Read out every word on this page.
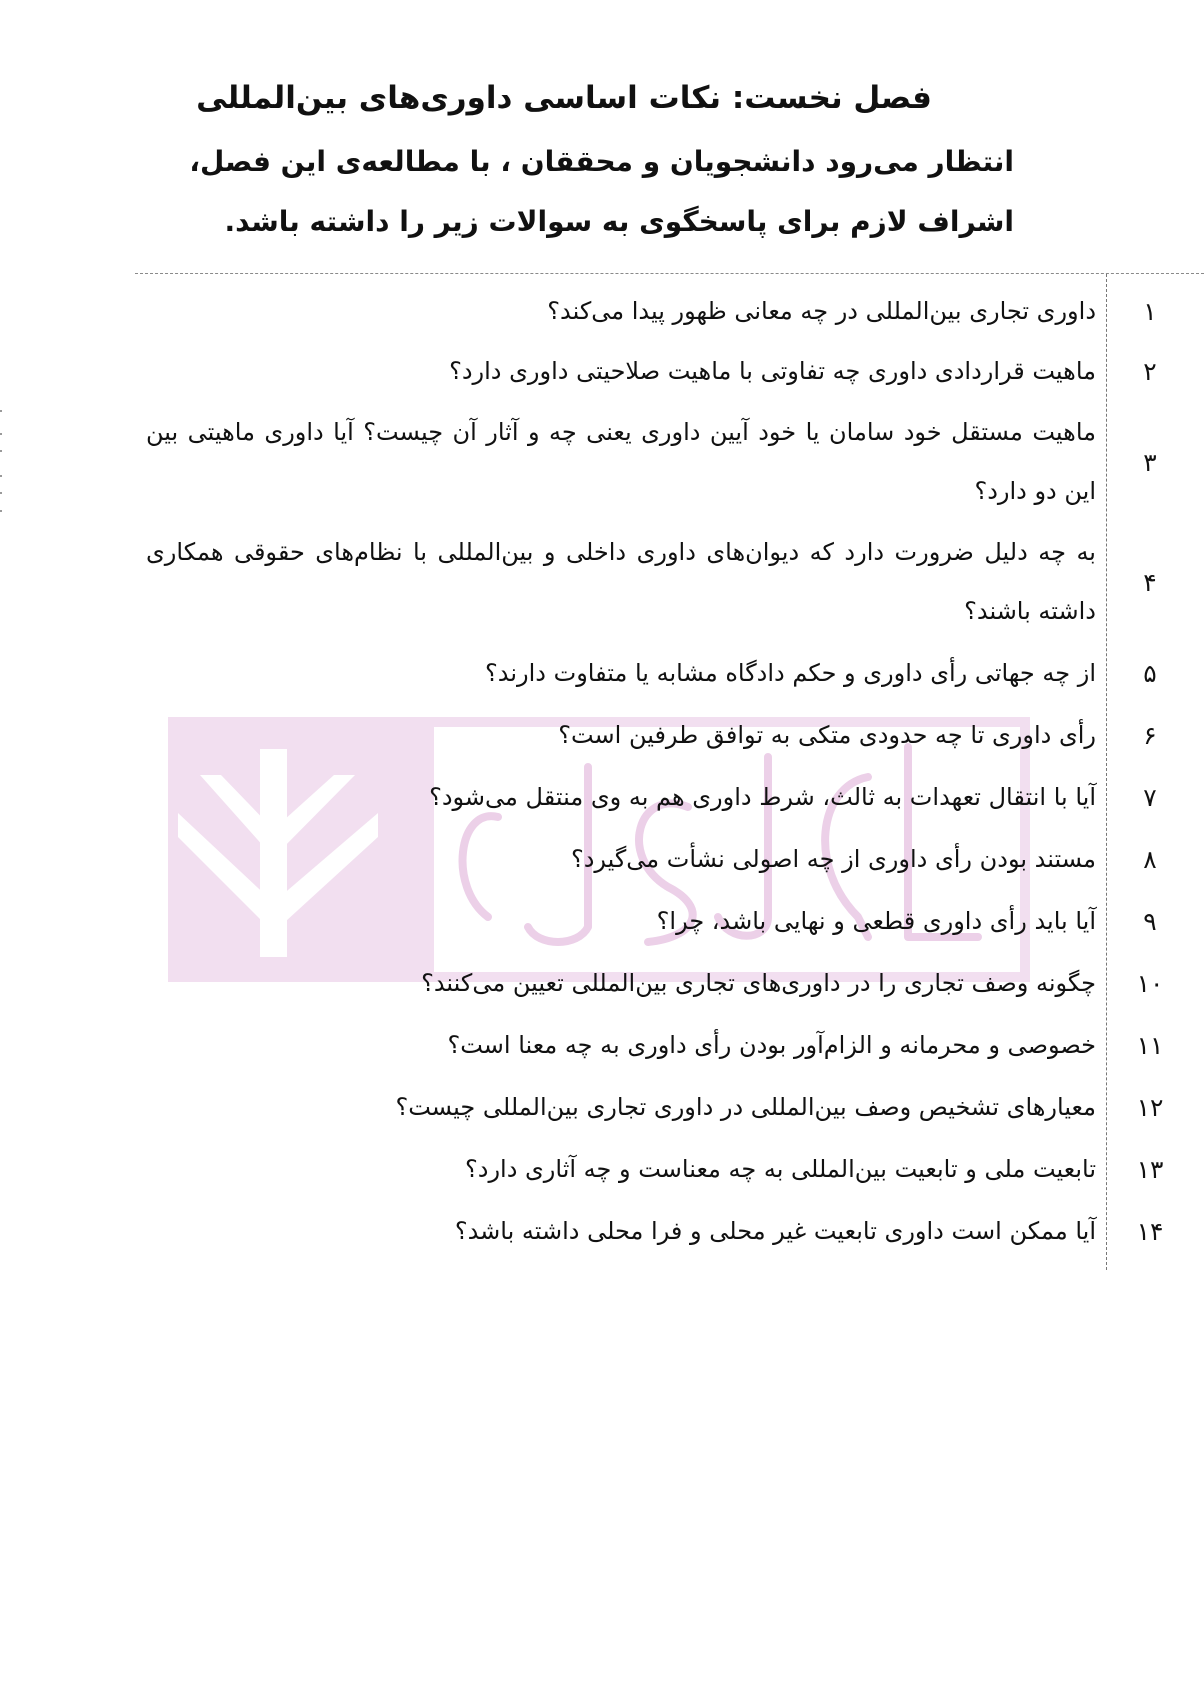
فصل نخست: نکات اساسی داوری‌های بین‌المللی

انتظار می‌رود دانشجویان و محققان ، با مطالعه‌ی این فصل،

اشراف لازم برای پاسخگوی به سوالات زیر را داشته باشد.

۱
داوری تجاری بین‌المللی در چه معانی ظهور پیدا می‌کند؟
۲
ماهیت قراردادی داوری چه تفاوتی با ماهیت صلاحیتی داوری دارد؟
۳
ماهیت مستقل خود سامان یا خود آیین داوری یعنی چه و آثار آن چیست؟ آیا داوری ماهیتی بین این دو دارد؟
۴
به چه دلیل ضرورت دارد که دیوان‌های داوری داخلی و بین‌المللی با نظام‌های حقوقی همکاری داشته باشند؟
۵
از چه جهاتی رأی داوری و حکم دادگاه مشابه یا متفاوت دارند؟
۶
رأی داوری تا چه حدودی متکی به توافق طرفین است؟
۷
آیا با انتقال تعهدات به ثالث، شرط داوری هم به وی منتقل می‌شود؟
۸
مستند بودن رأی داوری از چه اصولی نشأت می‌گیرد؟
۹
آیا باید رأی داوری قطعی و نهایی باشد، چرا؟
۱۰
چگونه وصف تجاری را در داوری‌های تجاری بین‌المللی تعیین می‌کنند؟
۱۱
خصوصی و محرمانه و الزام‌آور بودن رأی داوری به چه معنا است؟
۱۲
معیارهای تشخیص وصف بین‌المللی در داوری تجاری بین‌المللی چیست؟
۱۳
تابعیت ملی و تابعیت بین‌المللی به چه معناست و چه آثاری دارد؟
۱۴
آیا ممکن است داوری تابعیت غیر محلی و فرا محلی داشته باشد؟
